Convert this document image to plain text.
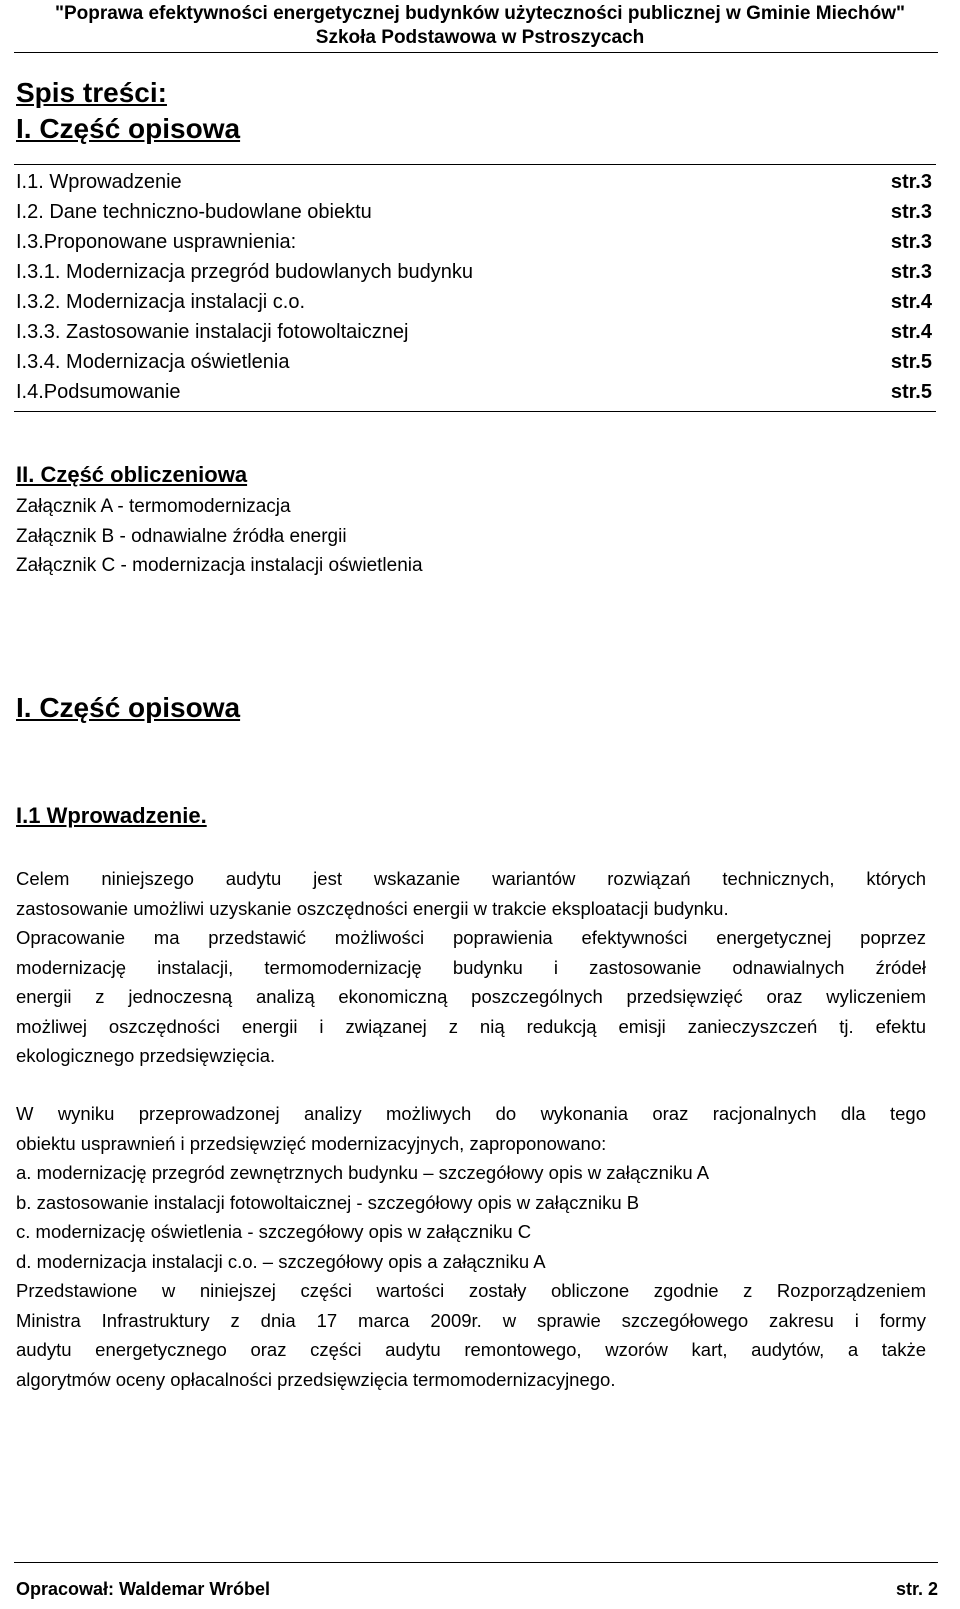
"Poprawa efektywności energetycznej budynków użyteczności publicznej w Gminie Miechów"
Szkoła Podstawowa w Pstroszycach
Spis treści:
I. Część opisowa
I.1. Wprowadzenie	str.3
I.2. Dane techniczno-budowlane obiektu	str.3
I.3.Proponowane usprawnienia:	str.3
I.3.1. Modernizacja przegród budowlanych budynku	str.3
I.3.2. Modernizacja instalacji c.o.	str.4
I.3.3. Zastosowanie instalacji fotowoltaicznej	str.4
I.3.4. Modernizacja oświetlenia	str.5
I.4.Podsumowanie	str.5
II. Część obliczeniowa
Załącznik A - termomodernizacja
Załącznik B - odnawialne źródła energii
Załącznik C - modernizacja instalacji oświetlenia
I. Część opisowa
I.1 Wprowadzenie.
Celem niniejszego audytu jest wskazanie wariantów rozwiązań technicznych, których
zastosowanie umożliwi uzyskanie oszczędności energii w trakcie eksploatacji budynku.
Opracowanie ma przedstawić możliwości poprawienia efektywności energetycznej poprzez
modernizację instalacji, termomodernizację budynku i zastosowanie odnawialnych źródeł
energii z jednoczesną analizą ekonomiczną poszczególnych przedsięwzięć oraz wyliczeniem
możliwej oszczędności energii i związanej z nią redukcją emisji zanieczyszczeń tj. efektu
ekologicznego przedsięwzięcia.
W wyniku przeprowadzonej analizy możliwych do wykonania oraz racjonalnych dla tego
obiektu usprawnień i przedsięwzięć modernizacyjnych, zaproponowano:
a. modernizację przegród zewnętrznych budynku – szczegółowy opis w załączniku A
b. zastosowanie instalacji fotowoltaicznej - szczegółowy opis w załączniku B
c. modernizację oświetlenia - szczegółowy opis w załączniku C
d. modernizacja instalacji c.o. – szczegółowy opis a załączniku A
Przedstawione w niniejszej części wartości zostały obliczone zgodnie z Rozporządzeniem
Ministra Infrastruktury z dnia 17 marca 2009r. w sprawie szczegółowego zakresu i formy
audytu energetycznego oraz części audytu remontowego, wzorów kart, audytów, a także
algorytmów oceny opłacalności przedsięwzięcia termomodernizacyjnego.
Opracował: Waldemar Wróbel	str. 2
